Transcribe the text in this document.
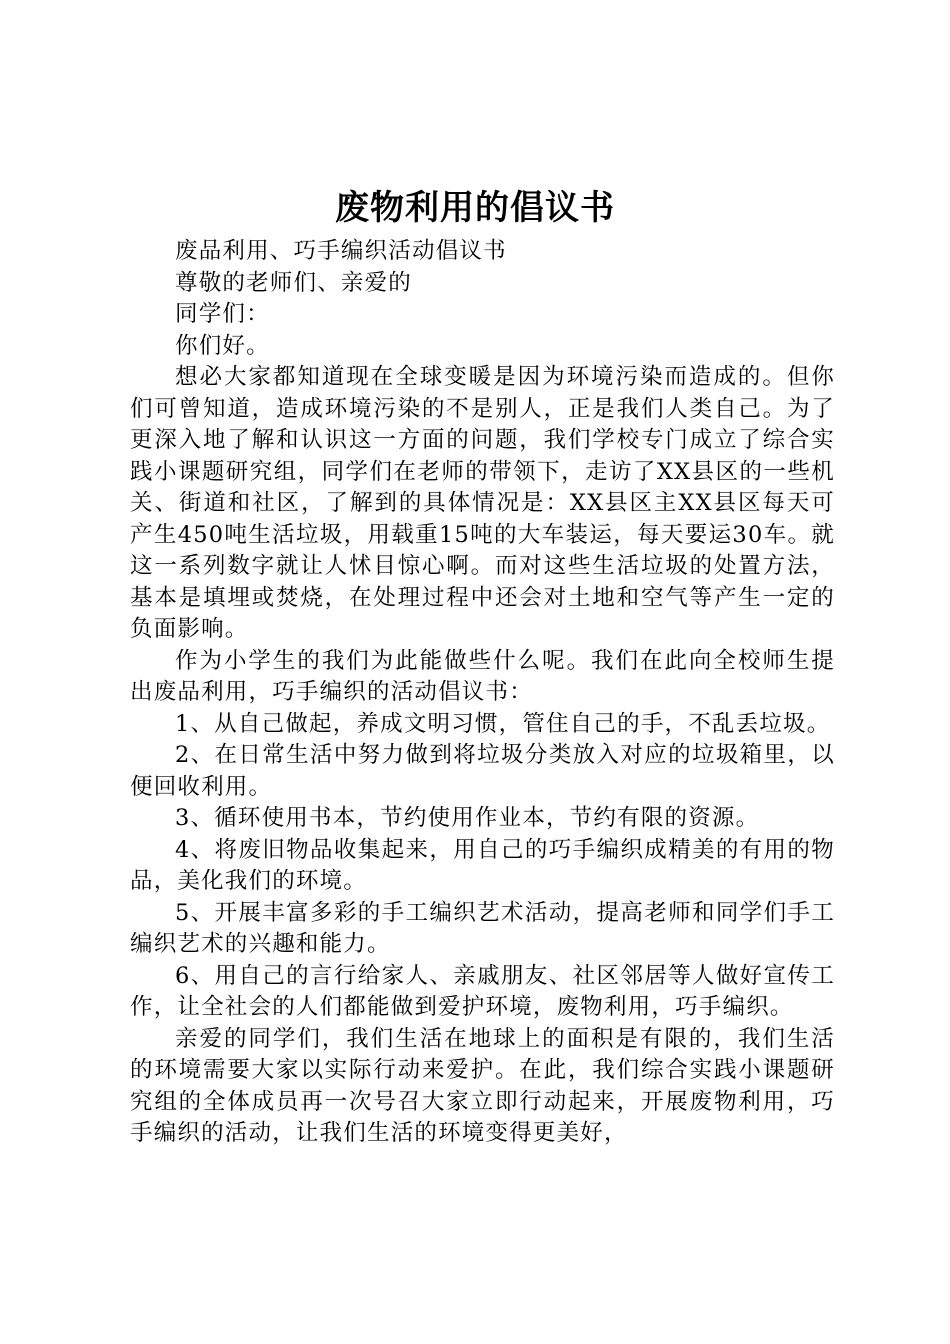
废物利用的倡议书

废品利用、巧手编织活动倡议书

尊敬的老师们、亲爱的

同学们：

你们好。

想必大家都知道现在全球变暖是因为环境污染而造成的。但你们可曾知道，造成环境污染的不是别人，正是我们人类自己。为了更深入地了解和认识这一方面的问题，我们学校专门成立了综合实践小课题研究组，同学们在老师的带领下，走访了XX县区的一些机关、街道和社区，了解到的具体情况是：XX县区主XX县区每天可产生450吨生活垃圾，用载重15吨的大车装运，每天要运30车。就这一系列数字就让人怵目惊心啊。而对这些生活垃圾的处置方法，基本是填埋或焚烧，在处理过程中还会对土地和空气等产生一定的负面影响。

作为小学生的我们为此能做些什么呢。我们在此向全校师生提出废品利用，巧手编织的活动倡议书：

1、从自己做起，养成文明习惯，管住自己的手，不乱丢垃圾。

2、在日常生活中努力做到将垃圾分类放入对应的垃圾箱里，以便回收利用。

3、循环使用书本，节约使用作业本，节约有限的资源。

4、将废旧物品收集起来，用自己的巧手编织成精美的有用的物品，美化我们的环境。

5、开展丰富多彩的手工编织艺术活动，提高老师和同学们手工编织艺术的兴趣和能力。

6、用自己的言行给家人、亲戚朋友、社区邻居等人做好宣传工作，让全社会的人们都能做到爱护环境，废物利用，巧手编织。

亲爱的同学们，我们生活在地球上的面积是有限的，我们生活的环境需要大家以实际行动来爱护。在此，我们综合实践小课题研究组的全体成员再一次号召大家立即行动起来，开展废物利用，巧手编织的活动，让我们生活的环境变得更美好，
